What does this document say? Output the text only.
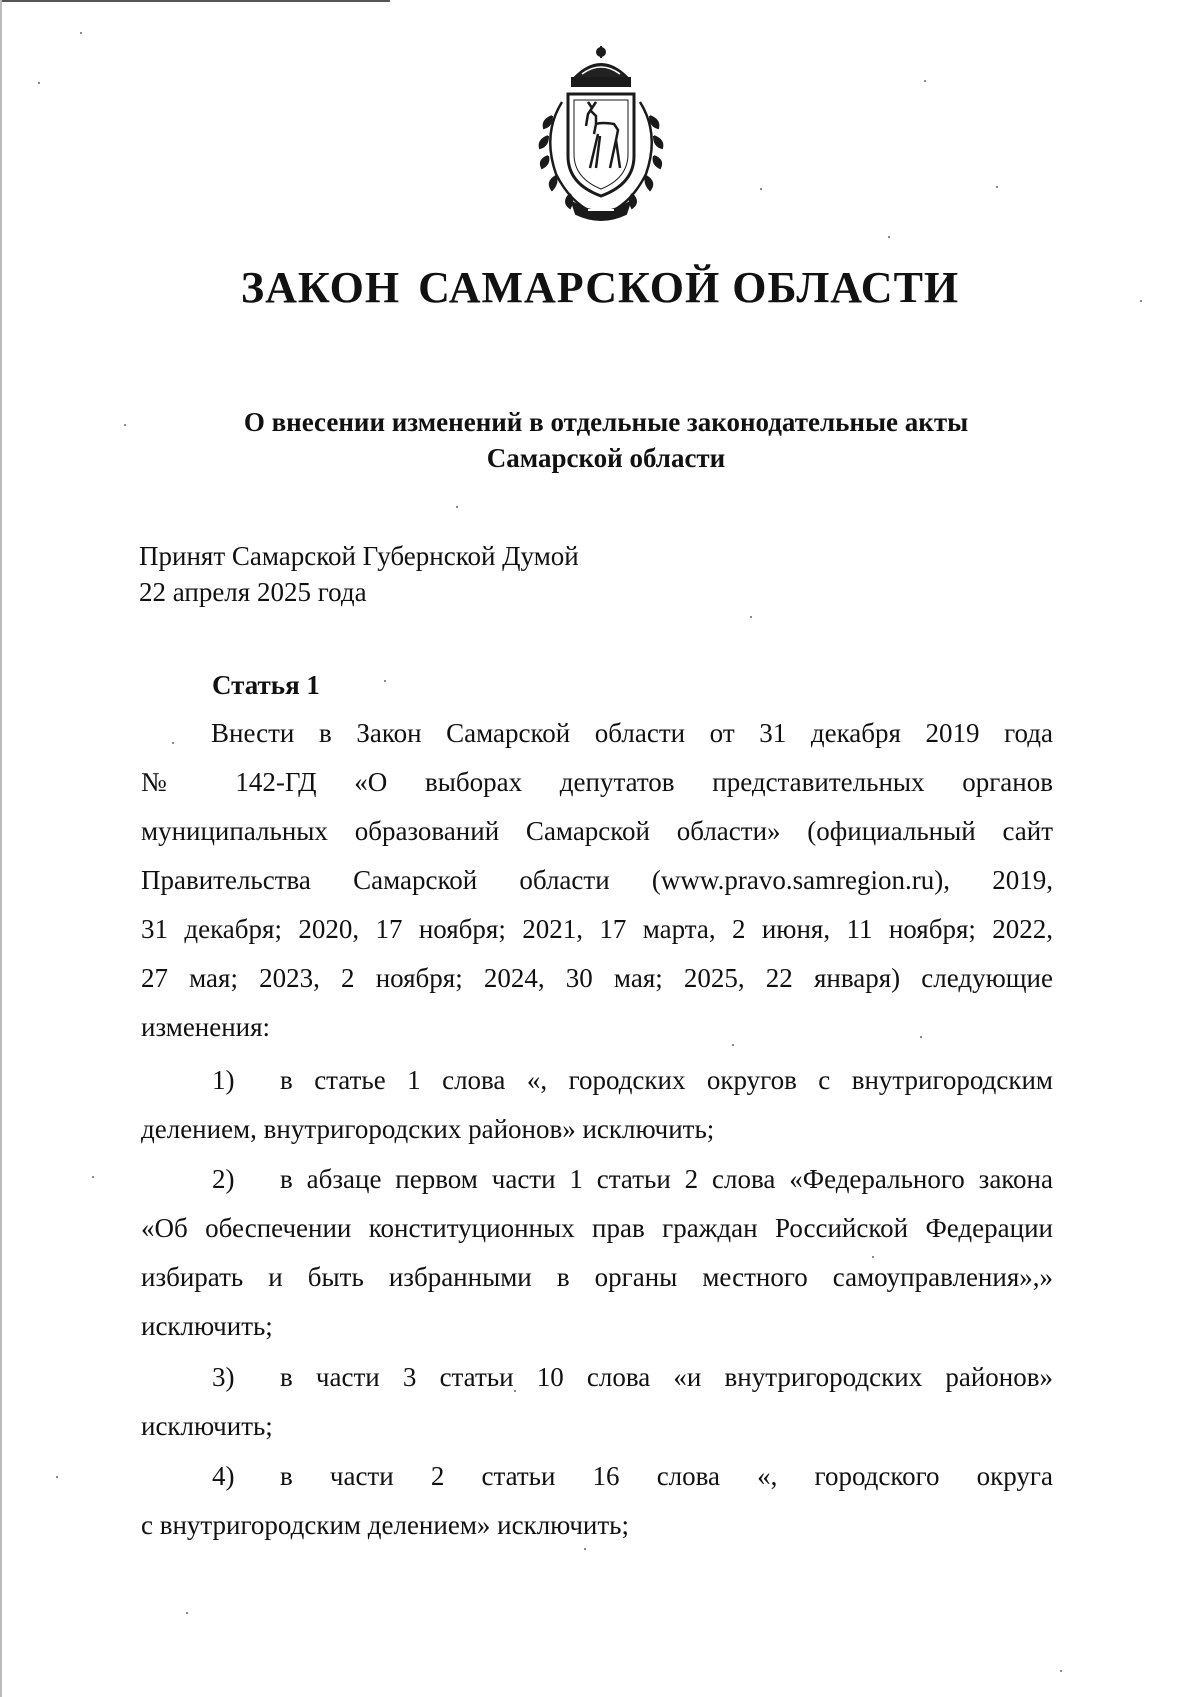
ЗАКОН САМАРСКОЙ ОБЛАСТИ
О внесении изменений в отдельные законодательные акты
Самарской области
Принят Самарской Губернской Думой
22 апреля 2025 года
Статья 1
Внести в Закон Самарской области от 31 декабря 2019 года
№ 142-ГД «О выборах депутатов представительных органов
муниципальных образований Самарской области» (официальный сайт
Правительства Самарской области (www.pravo.samregion.ru), 2019,
31 декабря; 2020, 17 ноября; 2021, 17 марта, 2 июня, 11 ноября; 2022,
27 мая; 2023, 2 ноября; 2024, 30 мая; 2025, 22 января) следующие
изменения:
1)	в статье 1 слова «, городских округов с внутригородским
делением, внутригородских районов» исключить;
2)	в абзаце первом части 1 статьи 2 слова «Федерального закона
«Об обеспечении конституционных прав граждан Российской Федерации
избирать и быть избранными в органы местного самоуправления»,»
исключить;
3)	в части 3 статьи 10 слова «и внутригородских районов»
исключить;
4)	в части 2 статьи 16 слова «, городского округа
с внутригородским делением» исключить;
